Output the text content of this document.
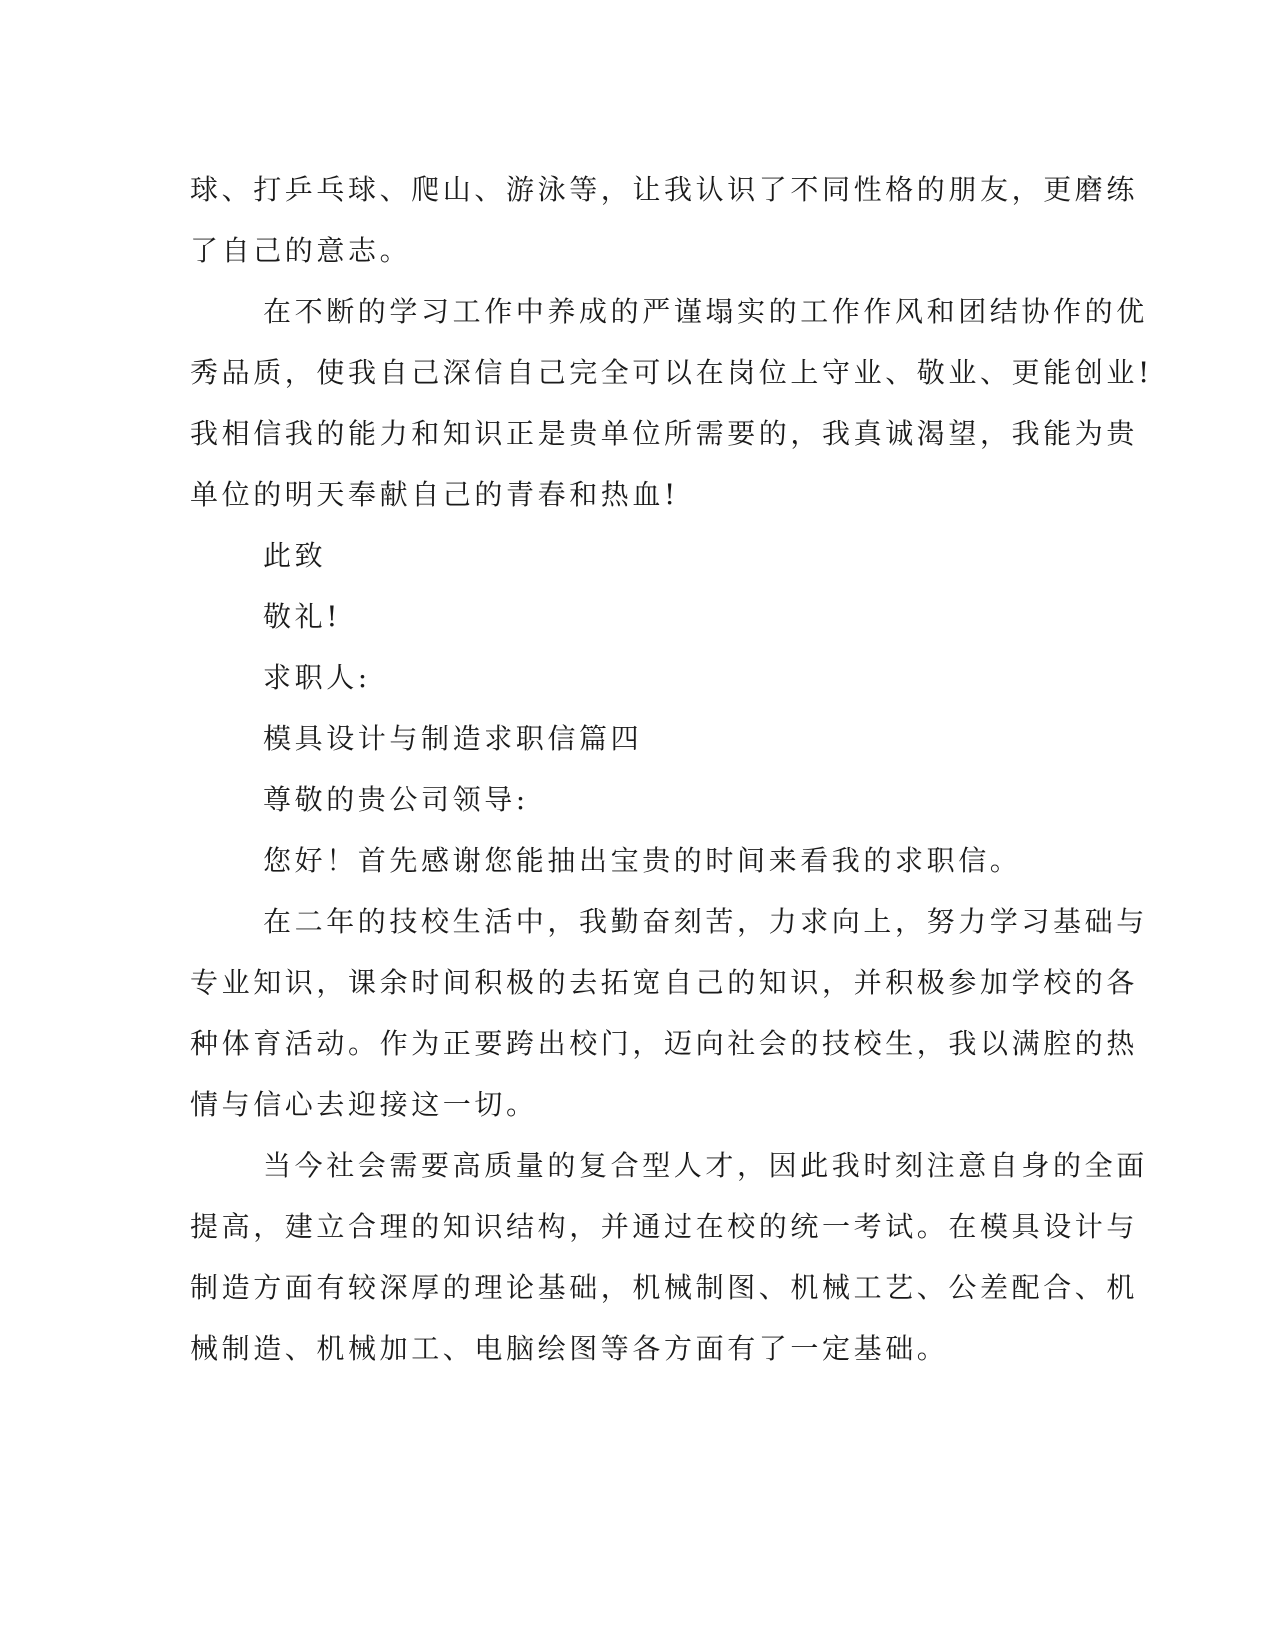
球、打乒乓球、爬山、游泳等，让我认识了不同性格的朋友，更磨练
了自己的意志。
在不断的学习工作中养成的严谨塌实的工作作风和团结协作的优
秀品质，使我自己深信自己完全可以在岗位上守业、敬业、更能创业!
我相信我的能力和知识正是贵单位所需要的，我真诚渴望，我能为贵
单位的明天奉献自己的青春和热血!
此致
敬礼!
求职人:
模具设计与制造求职信篇四
尊敬的贵公司领导:
您好！首先感谢您能抽出宝贵的时间来看我的求职信。
在二年的技校生活中，我勤奋刻苦，力求向上，努力学习基础与
专业知识，课余时间积极的去拓宽自己的知识，并积极参加学校的各
种体育活动。作为正要跨出校门，迈向社会的技校生，我以满腔的热
情与信心去迎接这一切。
当今社会需要高质量的复合型人才，因此我时刻注意自身的全面
提高，建立合理的知识结构，并通过在校的统一考试。在模具设计与
制造方面有较深厚的理论基础，机械制图、机械工艺、公差配合、机
械制造、机械加工、电脑绘图等各方面有了一定基础。
